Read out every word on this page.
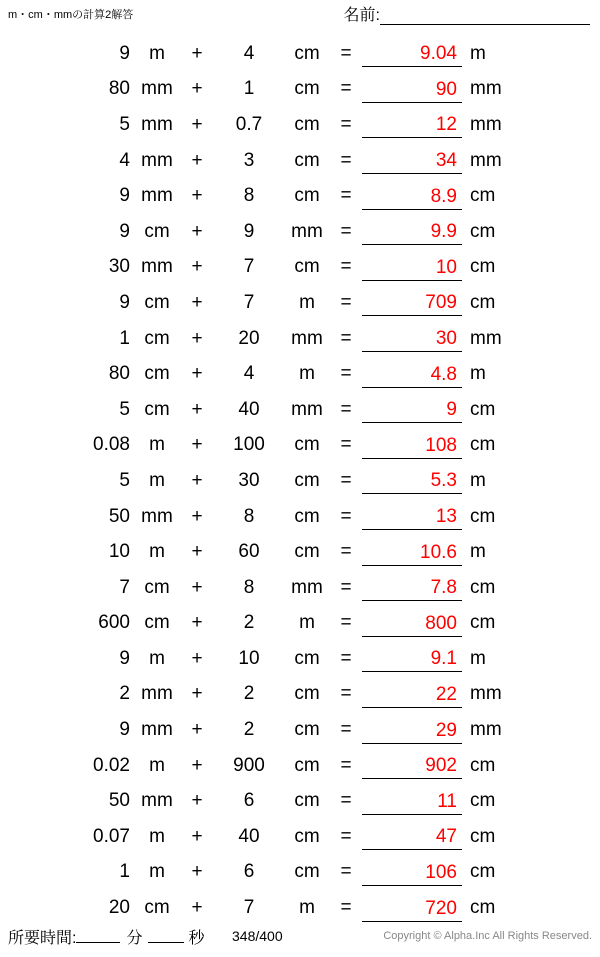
m・cm・mmの計算2解答	名前:
9	m	+	4	cm	=	9.04 m
80 mm +	1	cm	=	90 mm
5 mm +	0.7	cm	=	12 mm
4 mm +	3	cm	=	34 mm
9 mm +	8	cm	=	8.9 cm
9 cm	+	9	mm =	9.9 cm
30 mm +	7	cm	=	10 cm
9 cm	+	7	m	=	709 cm
1 cm	+	20	mm =	30 mm
80 cm	+	4	m	=	4.8 m
5 cm	+	40	mm =	9 cm
0.08	m	+	100	cm	=	108 cm
5	m	+	30	cm	=	5.3 m
50 mm +	8	cm	=	13 cm
10	m	+	60	cm	=	10.6 m
7 cm	+	8	mm =	7.8 cm
600 cm	+	2	m	=	800 cm
9	m	+	10	cm	=	9.1 m
2 mm +	2	cm	=	22 mm
9 mm +	2	cm	=	29 mm
0.02	m	+	900	cm	=	902 cm
50 mm +	6	cm	=	11 cm
0.07	m	+	40	cm	=	47 cm
1	m	+	6	cm	=	106 cm
20 cm	+	7	m	=	720 cm
所要時間:	分	秒 348/400	Copyright © Alpha.Inc All Rights Reserved.
